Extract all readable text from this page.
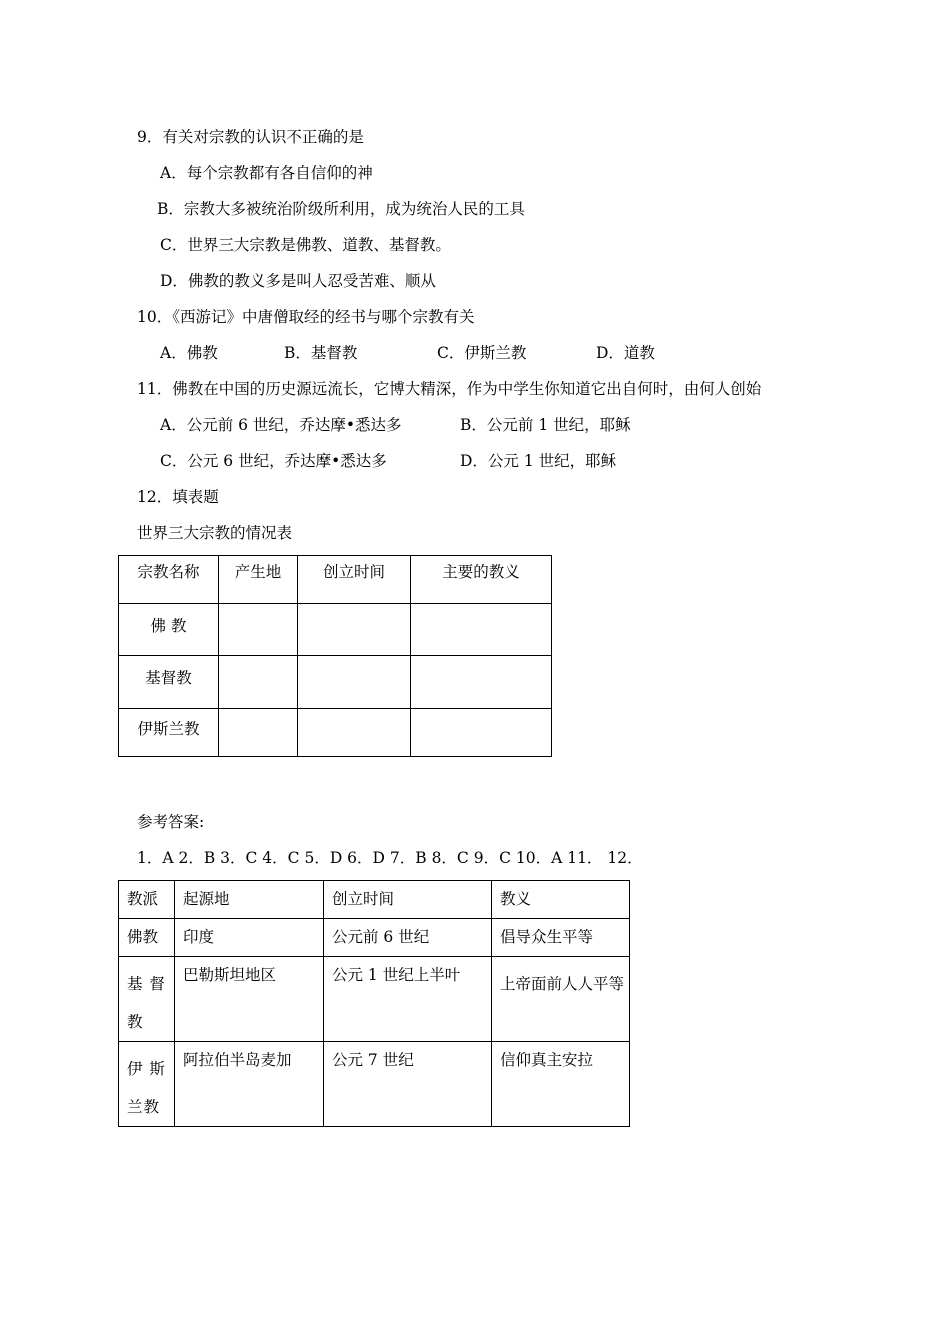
9．有关对宗教的认识不正确的是
A．每个宗教都有各自信仰的神
B．宗教大多被统治阶级所利用，成为统治人民的工具
C．世界三大宗教是佛教、道教、基督教。
D．佛教的教义多是叫人忍受苦难、顺从
10．《西游记》中唐僧取经的经书与哪个宗教有关
A．佛教	B．基督教	C．伊斯兰教	D．道教
11．佛教在中国的历史源远流长，它博大精深，作为中学生你知道它出自何时，由何人创始
A．公元前 6 世纪，乔达摩•悉达多	B．公元前 1 世纪，耶稣
C．公元 6 世纪，乔达摩•悉达多	D．公元 1 世纪，耶稣
12．填表题
世界三大宗教的情况表
宗教名称	产生地	创立时间	主要的教义

佛 教			

基督教			

伊斯兰教			

参考答案:
1．A 2．B 3．C 4．C 5．D 6．D 7．B 8．C 9．C 10．A 11． 12．
教派	起源地	创立时间	教义

佛教	印度	公元前 6 世纪	倡导众生平等

基 督 教	巴勒斯坦地区	公元 1 世纪上半叶	上帝面前人人平等

伊 斯 兰教	阿拉伯半岛麦加	公元 7 世纪	信仰真主安拉
